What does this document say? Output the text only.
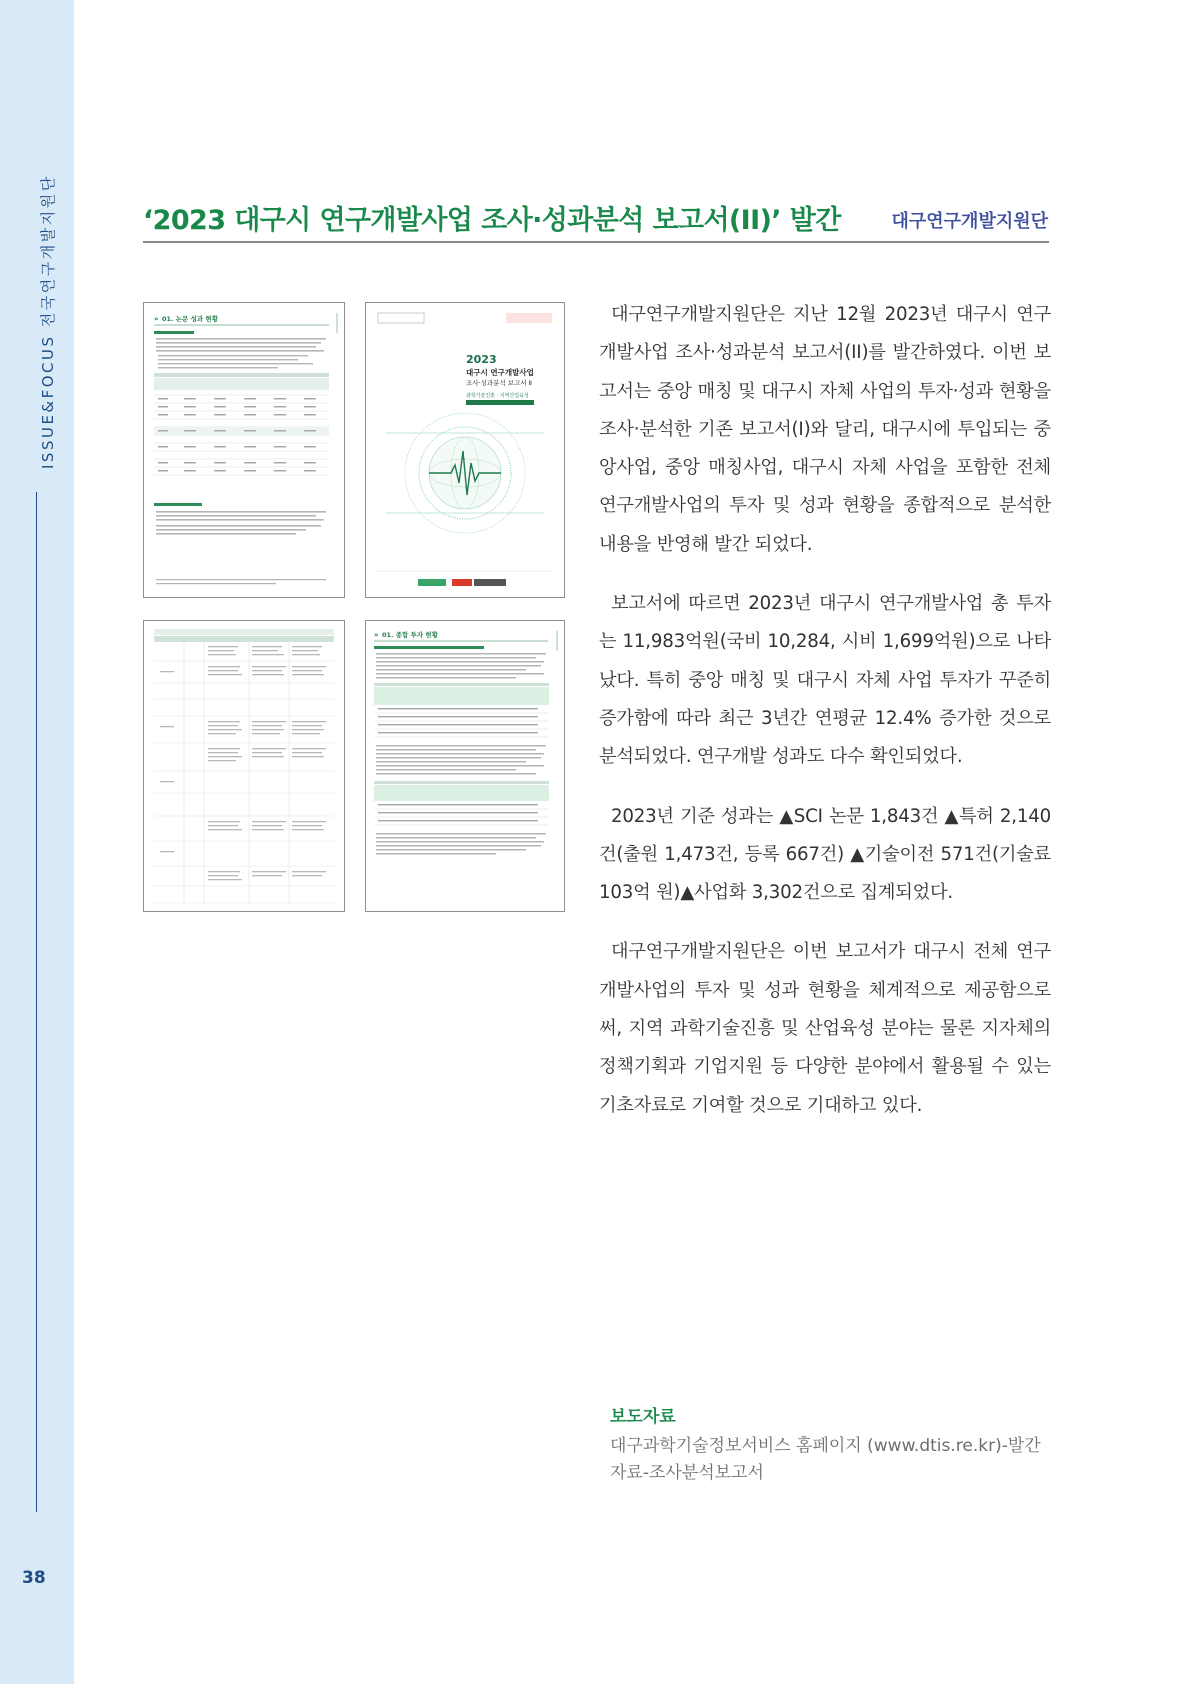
ISSUE&FOCUS 전국연구개발지원단
38
‘2023 대구시 연구개발사업 조사·성과분석 보고서(II)’ 발간	대구연구개발지원단
» 01. 논문 성과 현황
2023
대구시 연구개발사업
조사·성과분석 보고서 Ⅱ
과학기술진흥 · 지역산업육성
» 01. 종합 투자 현황

대구연구개발지원단은 지난 12월 2023년 대구시 연구개발사업 조사·성과분석 보고서(II)를 발간하였다. 이번 보고서는 중앙 매칭 및 대구시 자체 사업의 투자·성과 현황을 조사·분석한 기존 보고서(I)와 달리, 대구시에 투입되는 중앙사업, 중앙 매칭사업, 대구시 자체 사업을 포함한 전체 연구개발사업의 투자 및 성과 현황을 종합적으로 분석한 내용을 반영해 발간 되었다.

보고서에 따르면 2023년 대구시 연구개발사업 총 투자는 11,983억원(국비 10,284, 시비 1,699억원)으로 나타났다. 특히 중앙 매칭 및 대구시 자체 사업 투자가 꾸준히 증가함에 따라 최근 3년간 연평균 12.4% 증가한 것으로 분석되었다. 연구개발 성과도 다수 확인되었다.

2023년 기준 성과는 ▲SCI 논문 1,843건 ▲특허 2,140건(출원 1,473건, 등록 667건) ▲기술이전 571건(기술료 103억 원)▲사업화 3,302건으로 집계되었다.

대구연구개발지원단은 이번 보고서가 대구시 전체 연구개발사업의 투자 및 성과 현황을 체계적으로 제공함으로써, 지역 과학기술진흥 및 산업육성 분야는 물론 지자체의 정책기획과 기업지원 등 다양한 분야에서 활용될 수 있는 기초자료로 기여할 것으로 기대하고 있다.

보도자료
대구과학기술정보서비스 홈페이지 (www.dtis.re.kr)-발간자료-조사분석보고서
